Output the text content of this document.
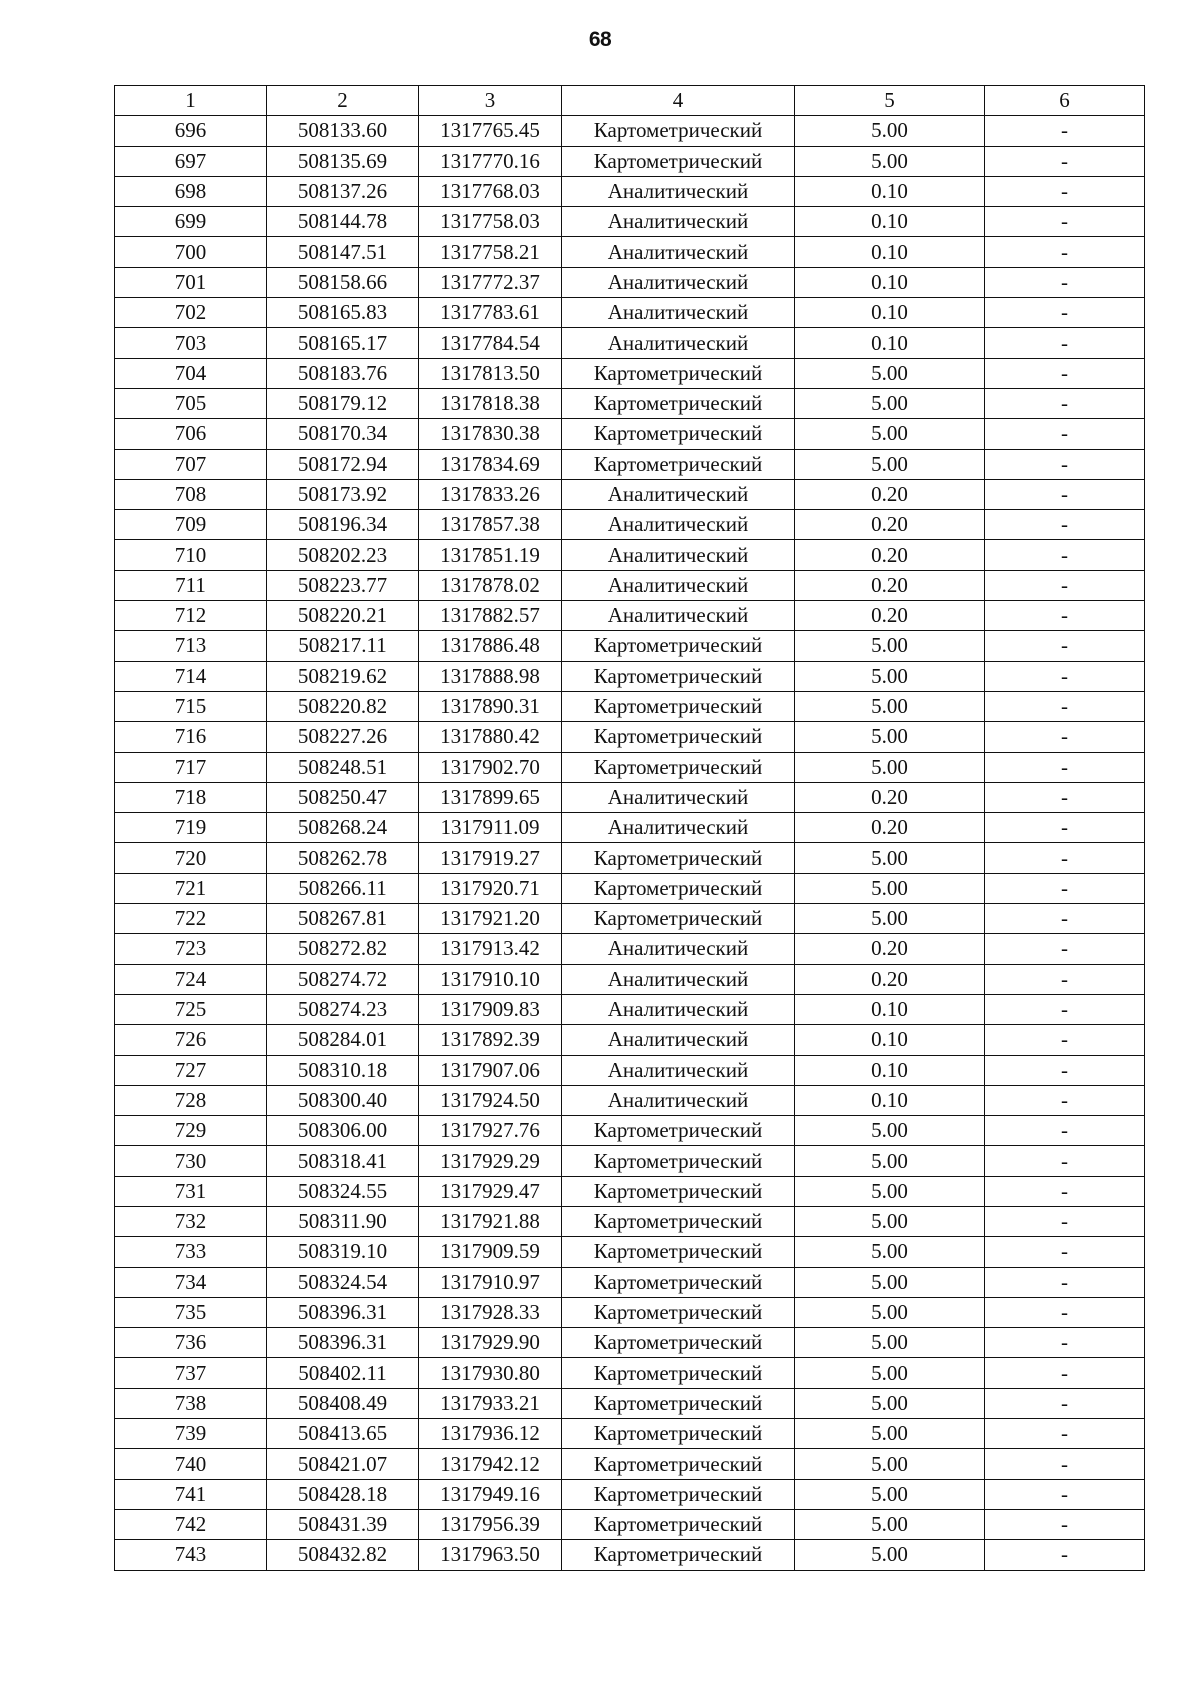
68
1	2	3	4	5	6
696	508133.60	1317765.45	Картометрический	5.00	-
697	508135.69	1317770.16	Картометрический	5.00	-
698	508137.26	1317768.03	Аналитический	0.10	-
699	508144.78	1317758.03	Аналитический	0.10	-
700	508147.51	1317758.21	Аналитический	0.10	-
701	508158.66	1317772.37	Аналитический	0.10	-
702	508165.83	1317783.61	Аналитический	0.10	-
703	508165.17	1317784.54	Аналитический	0.10	-
704	508183.76	1317813.50	Картометрический	5.00	-
705	508179.12	1317818.38	Картометрический	5.00	-
706	508170.34	1317830.38	Картометрический	5.00	-
707	508172.94	1317834.69	Картометрический	5.00	-
708	508173.92	1317833.26	Аналитический	0.20	-
709	508196.34	1317857.38	Аналитический	0.20	-
710	508202.23	1317851.19	Аналитический	0.20	-
711	508223.77	1317878.02	Аналитический	0.20	-
712	508220.21	1317882.57	Аналитический	0.20	-
713	508217.11	1317886.48	Картометрический	5.00	-
714	508219.62	1317888.98	Картометрический	5.00	-
715	508220.82	1317890.31	Картометрический	5.00	-
716	508227.26	1317880.42	Картометрический	5.00	-
717	508248.51	1317902.70	Картометрический	5.00	-
718	508250.47	1317899.65	Аналитический	0.20	-
719	508268.24	1317911.09	Аналитический	0.20	-
720	508262.78	1317919.27	Картометрический	5.00	-
721	508266.11	1317920.71	Картометрический	5.00	-
722	508267.81	1317921.20	Картометрический	5.00	-
723	508272.82	1317913.42	Аналитический	0.20	-
724	508274.72	1317910.10	Аналитический	0.20	-
725	508274.23	1317909.83	Аналитический	0.10	-
726	508284.01	1317892.39	Аналитический	0.10	-
727	508310.18	1317907.06	Аналитический	0.10	-
728	508300.40	1317924.50	Аналитический	0.10	-
729	508306.00	1317927.76	Картометрический	5.00	-
730	508318.41	1317929.29	Картометрический	5.00	-
731	508324.55	1317929.47	Картометрический	5.00	-
732	508311.90	1317921.88	Картометрический	5.00	-
733	508319.10	1317909.59	Картометрический	5.00	-
734	508324.54	1317910.97	Картометрический	5.00	-
735	508396.31	1317928.33	Картометрический	5.00	-
736	508396.31	1317929.90	Картометрический	5.00	-
737	508402.11	1317930.80	Картометрический	5.00	-
738	508408.49	1317933.21	Картометрический	5.00	-
739	508413.65	1317936.12	Картометрический	5.00	-
740	508421.07	1317942.12	Картометрический	5.00	-
741	508428.18	1317949.16	Картометрический	5.00	-
742	508431.39	1317956.39	Картометрический	5.00	-
743	508432.82	1317963.50	Картометрический	5.00	-
